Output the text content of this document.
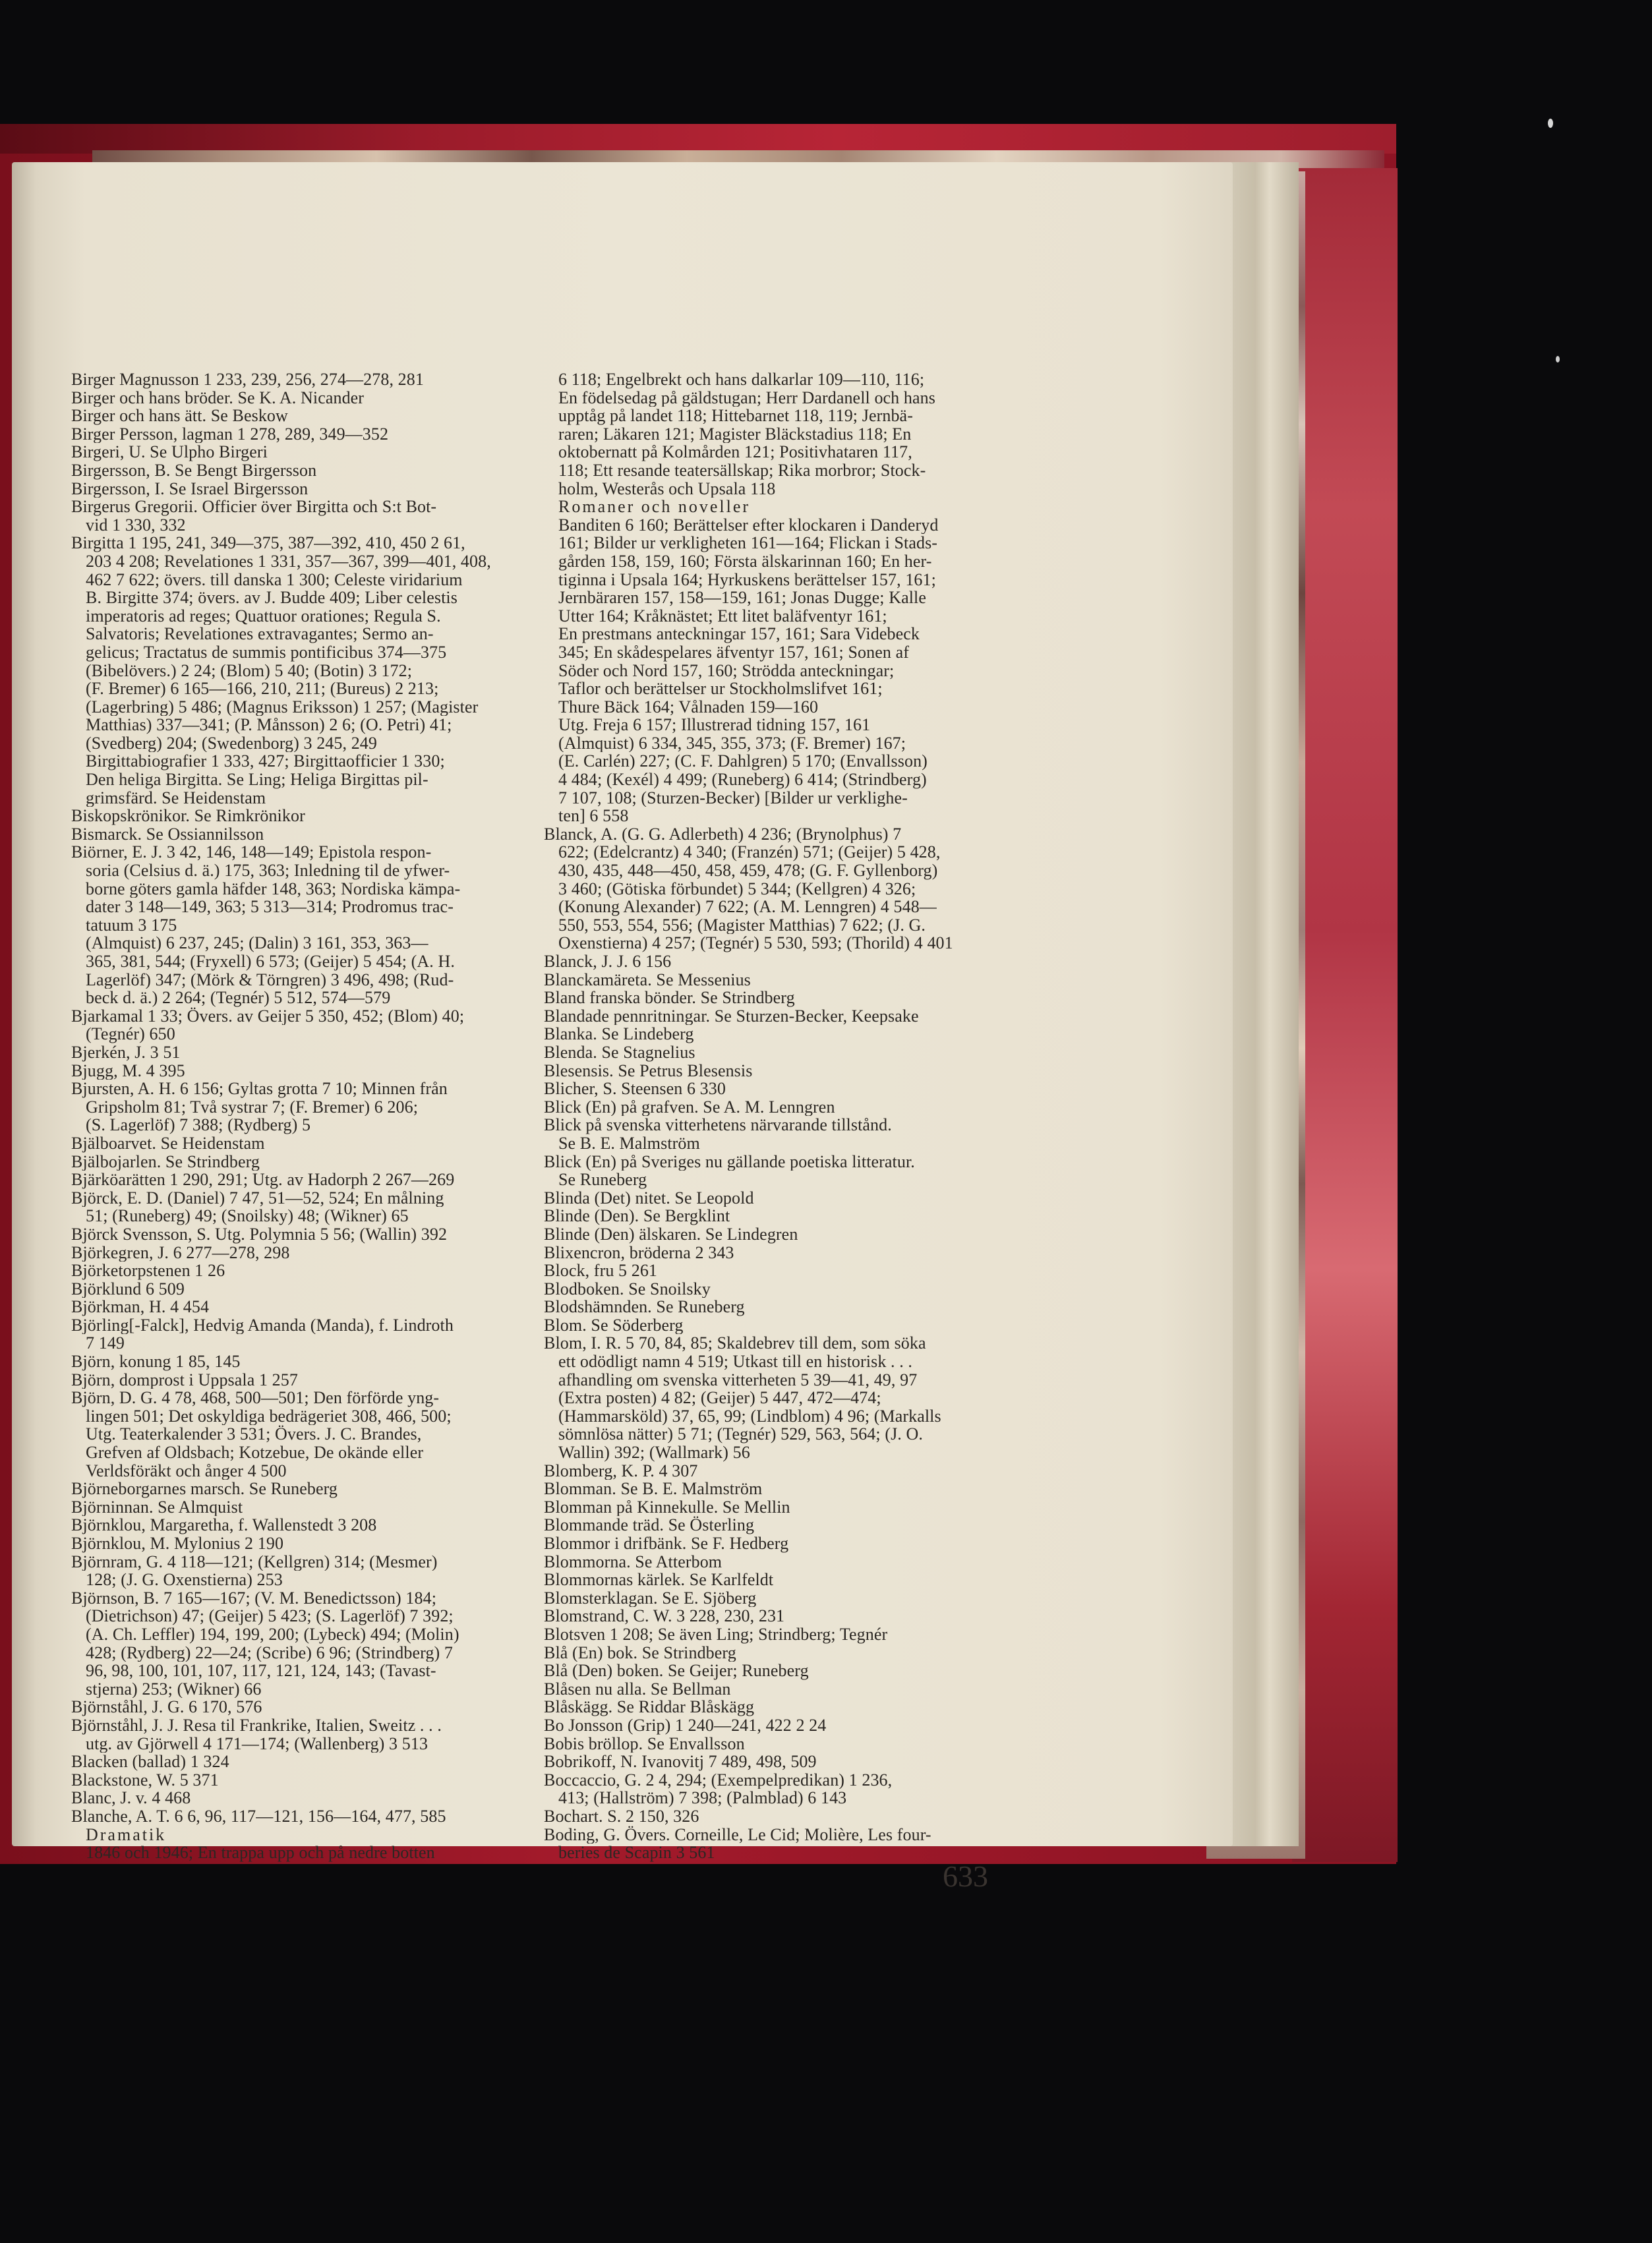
Birger Magnusson 1 233, 239, 256, 274—278, 281
Birger och hans bröder. Se K. A. Nicander
Birger och hans ätt. Se Beskow
Birger Persson, lagman 1 278, 289, 349—352
Birgeri, U. Se Ulpho Birgeri
Birgersson, B. Se Bengt Birgersson
Birgersson, I. Se Israel Birgersson
Birgerus Gregorii. Officier över Birgitta och S:t Bot-
vid 1 330, 332
Birgitta 1 195, 241, 349—375, 387—392, 410, 450 2 61,
203 4 208; Revelationes 1 331, 357—367, 399—401, 408,
462 7 622; övers. till danska 1 300; Celeste viridarium
B. Birgitte 374; övers. av J. Budde 409; Liber celestis
imperatoris ad reges; Quattuor orationes; Regula S.
Salvatoris; Revelationes extravagantes; Sermo an-
gelicus; Tractatus de summis pontificibus 374—375
(Bibelövers.) 2 24; (Blom) 5 40; (Botin) 3 172;
(F. Bremer) 6 165—166, 210, 211; (Bureus) 2 213;
(Lagerbring) 5 486; (Magnus Eriksson) 1 257; (Magister
Matthias) 337—341; (P. Månsson) 2 6; (O. Petri) 41;
(Svedberg) 204; (Swedenborg) 3 245, 249
Birgittabiografier 1 333, 427; Birgittaofficier 1 330;
Den heliga Birgitta. Se Ling; Heliga Birgittas pil-
grimsfärd. Se Heidenstam
Biskopskrönikor. Se Rimkrönikor
Bismarck. Se Ossiannilsson
Biörner, E. J. 3 42, 146, 148—149; Epistola respon-
soria (Celsius d. ä.) 175, 363; Inledning til de yfwer-
borne göters gamla häfder 148, 363; Nordiska kämpa-
dater 3 148—149, 363; 5 313—314; Prodromus trac-
tatuum 3 175
(Almquist) 6 237, 245; (Dalin) 3 161, 353, 363—
365, 381, 544; (Fryxell) 6 573; (Geijer) 5 454; (A. H.
Lagerlöf) 347; (Mörk & Törngren) 3 496, 498; (Rud-
beck d. ä.) 2 264; (Tegnér) 5 512, 574—579
Bjarkamal 1 33; Övers. av Geijer 5 350, 452; (Blom) 40;
(Tegnér) 650
Bjerkén, J. 3 51
Bjugg, M. 4 395
Bjursten, A. H. 6 156; Gyltas grotta 7 10; Minnen från
Gripsholm 81; Två systrar 7; (F. Bremer) 6 206;
(S. Lagerlöf) 7 388; (Rydberg) 5
Bjälboarvet. Se Heidenstam
Bjälbojarlen. Se Strindberg
Bjärköarätten 1 290, 291; Utg. av Hadorph 2 267—269
Björck, E. D. (Daniel) 7 47, 51—52, 524; En målning
51; (Runeberg) 49; (Snoilsky) 48; (Wikner) 65
Björck Svensson, S. Utg. Polymnia 5 56; (Wallin) 392
Björkegren, J. 6 277—278, 298
Björketorpstenen 1 26
Björklund 6 509
Björkman, H. 4 454
Björling[-Falck], Hedvig Amanda (Manda), f. Lindroth
7 149
Björn, konung 1 85, 145
Björn, domprost i Uppsala 1 257
Björn, D. G. 4 78, 468, 500—501; Den förförde yng-
lingen 501; Det oskyldiga bedrägeriet 308, 466, 500;
Utg. Teaterkalender 3 531; Övers. J. C. Brandes,
Grefven af Oldsbach; Kotzebue, De okände eller
Verldsföräkt och ånger 4 500
Björneborgarnes marsch. Se Runeberg
Björninnan. Se Almquist
Björnklou, Margaretha, f. Wallenstedt 3 208
Björnklou, M. Mylonius 2 190
Björnram, G. 4 118—121; (Kellgren) 314; (Mesmer)
128; (J. G. Oxenstierna) 253
Björnson, B. 7 165—167; (V. M. Benedictsson) 184;
(Dietrichson) 47; (Geijer) 5 423; (S. Lagerlöf) 7 392;
(A. Ch. Leffler) 194, 199, 200; (Lybeck) 494; (Molin)
428; (Rydberg) 22—24; (Scribe) 6 96; (Strindberg) 7
96, 98, 100, 101, 107, 117, 121, 124, 143; (Tavast-
stjerna) 253; (Wikner) 66
Björnståhl, J. G. 6 170, 576
Björnståhl, J. J. Resa til Frankrike, Italien, Sweitz . . .
utg. av Gjörwell 4 171—174; (Wallenberg) 3 513
Blacken (ballad) 1 324
Blackstone, W. 5 371
Blanc, J. v. 4 468
Blanche, A. T. 6 6, 96, 117—121, 156—164, 477, 585
Dramatik
1846 och 1946; En trappa upp och på nedre botten
6 118; Engelbrekt och hans dalkarlar 109—110, 116;
En födelsedag på gäldstugan; Herr Dardanell och hans
upptåg på landet 118; Hittebarnet 118, 119; Jernbä-
raren; Läkaren 121; Magister Bläckstadius 118; En
oktobernatt på Kolmården 121; Positivhataren 117,
118; Ett resande teatersällskap; Rika morbror; Stock-
holm, Westerås och Upsala 118
Romaner och noveller
Banditen 6 160; Berättelser efter klockaren i Danderyd
161; Bilder ur verkligheten 161—164; Flickan i Stads-
gården 158, 159, 160; Första älskarinnan 160; En her-
tiginna i Upsala 164; Hyrkuskens berättelser 157, 161;
Jernbäraren 157, 158—159, 161; Jonas Dugge; Kalle
Utter 164; Kråknästet; Ett litet baläfventyr 161;
En prestmans anteckningar 157, 161; Sara Videbeck
345; En skådespelares äfventyr 157, 161; Sonen af
Söder och Nord 157, 160; Strödda anteckningar;
Taflor och berättelser ur Stockholmslifvet 161;
Thure Bäck 164; Vålnaden 159—160
Utg. Freja 6 157; Illustrerad tidning 157, 161
(Almquist) 6 334, 345, 355, 373; (F. Bremer) 167;
(E. Carlén) 227; (C. F. Dahlgren) 5 170; (Envallsson)
4 484; (Kexél) 4 499; (Runeberg) 6 414; (Strindberg)
7 107, 108; (Sturzen-Becker) [Bilder ur verklighe-
ten] 6 558
Blanck, A. (G. G. Adlerbeth) 4 236; (Brynolphus) 7
622; (Edelcrantz) 4 340; (Franzén) 571; (Geijer) 5 428,
430, 435, 448—450, 458, 459, 478; (G. F. Gyllenborg)
3 460; (Götiska förbundet) 5 344; (Kellgren) 4 326;
(Konung Alexander) 7 622; (A. M. Lenngren) 4 548—
550, 553, 554, 556; (Magister Matthias) 7 622; (J. G.
Oxenstierna) 4 257; (Tegnér) 5 530, 593; (Thorild) 4 401
Blanck, J. J. 6 156
Blanckamäreta. Se Messenius
Bland franska bönder. Se Strindberg
Blandade pennritningar. Se Sturzen-Becker, Keepsake
Blanka. Se Lindeberg
Blenda. Se Stagnelius
Blesensis. Se Petrus Blesensis
Blicher, S. Steensen 6 330
Blick (En) på grafven. Se A. M. Lenngren
Blick på svenska vitterhetens närvarande tillstånd.
Se B. E. Malmström
Blick (En) på Sveriges nu gällande poetiska litteratur.
Se Runeberg
Blinda (Det) nitet. Se Leopold
Blinde (Den). Se Bergklint
Blinde (Den) älskaren. Se Lindegren
Blixencron, bröderna 2 343
Block, fru 5 261
Blodboken. Se Snoilsky
Blodshämnden. Se Runeberg
Blom. Se Söderberg
Blom, I. R. 5 70, 84, 85; Skaldebrev till dem, som söka
ett odödligt namn 4 519; Utkast till en historisk . . .
afhandling om svenska vitterheten 5 39—41, 49, 97
(Extra posten) 4 82; (Geijer) 5 447, 472—474;
(Hammarsköld) 37, 65, 99; (Lindblom) 4 96; (Markalls
sömnlösa nätter) 5 71; (Tegnér) 529, 563, 564; (J. O.
Wallin) 392; (Wallmark) 56
Blomberg, K. P. 4 307
Blomman. Se B. E. Malmström
Blomman på Kinnekulle. Se Mellin
Blommande träd. Se Österling
Blommor i drifbänk. Se F. Hedberg
Blommorna. Se Atterbom
Blommornas kärlek. Se Karlfeldt
Blomsterklagan. Se E. Sjöberg
Blomstrand, C. W. 3 228, 230, 231
Blotsven 1 208; Se även Ling; Strindberg; Tegnér
Blå (En) bok. Se Strindberg
Blå (Den) boken. Se Geijer; Runeberg
Blåsen nu alla. Se Bellman
Blåskägg. Se Riddar Blåskägg
Bo Jonsson (Grip) 1 240—241, 422 2 24
Bobis bröllop. Se Envallsson
Bobrikoff, N. Ivanovitj 7 489, 498, 509
Boccaccio, G. 2 4, 294; (Exempelpredikan) 1 236,
413; (Hallström) 7 398; (Palmblad) 6 143
Bochart. S. 2 150, 326
Boding, G. Övers. Corneille, Le Cid; Molière, Les four-
beries de Scapin 3 561
633
